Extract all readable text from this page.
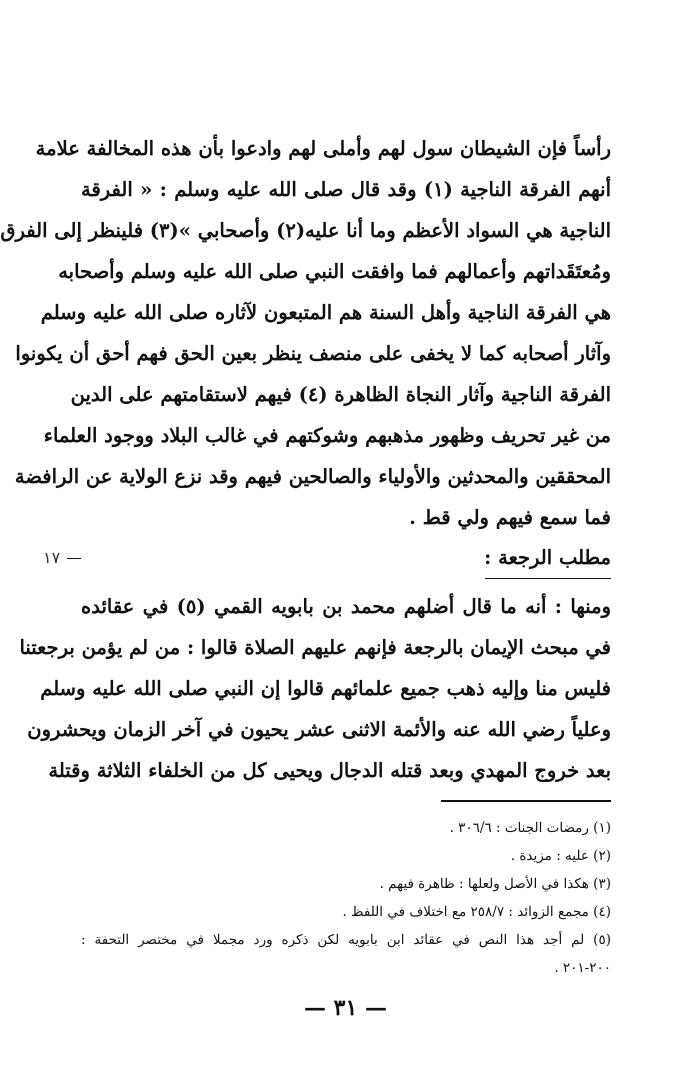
رأساً فإن الشيطان سول لهم وأملى لهم وادعوا بأن هذه المخالفة علامة
أنهم الفرقة الناجية (١) وقد قال صلى الله عليه وسلم : « الفرقة
الناجية هي السواد الأعظم وما أنا عليه(٢) وأصحابي »(٣) فلينظر إلى الفرق
ومُعتَقَداتهم وأعمالهم فما وافقت النبي صلى الله عليه وسلم وأصحابه
هي الفرقة الناجية وأهل السنة هم المتبعون لآثاره صلى الله عليه وسلم
وآثار أصحابه كما لا يخفى على منصف ينظر بعين الحق فهم أحق أن يكونوا
الفرقة الناجية وآثار النجاة الظاهرة (٤) فيهم لاستقامتهم على الدين
من غير تحريف وظهور مذهبهم وشوكتهم في غالب البلاد ووجود العلماء
المحققين والمحدثين والأولياء والصالحين فيهم وقد نزع الولاية عن الرافضة
فما سمع فيهم ولي قط .
مطلب الرجعة :
١٧
ومنها : أنه ما قال أضلهم محمد بن بابويه القمي (٥) في عقائده
في مبحث الإيمان بالرجعة فإنهم عليهم الصلاة قالوا : من لم يؤمن برجعتنا
فليس منا وإليه ذهب جميع علمائهم قالوا إن النبي صلى الله عليه وسلم
وعلياً رضي الله عنه والأئمة الاثنى عشر يحيون في آخر الزمان ويحشرون
بعد خروج المهدي وبعد قتله الدجال ويحيى كل من الخلفاء الثلاثة وقتلة
(١) رمضات الجنات : ٣٠٦/٦ .
(٢) عليه : مزيدة .
(٣) هكذا في الأصل ولعلها : ظاهرة فيهم .
(٤) مجمع الزوائد : ٢٥٨/٧ مع اختلاف في اللفظ .
(٥) لم أجد هذا النص في عقائد ابن بابويه لكن ذكره ورد مجملا في مختصر التحفة :
٢٠٠-٢٠١ .
— ٣١ —
